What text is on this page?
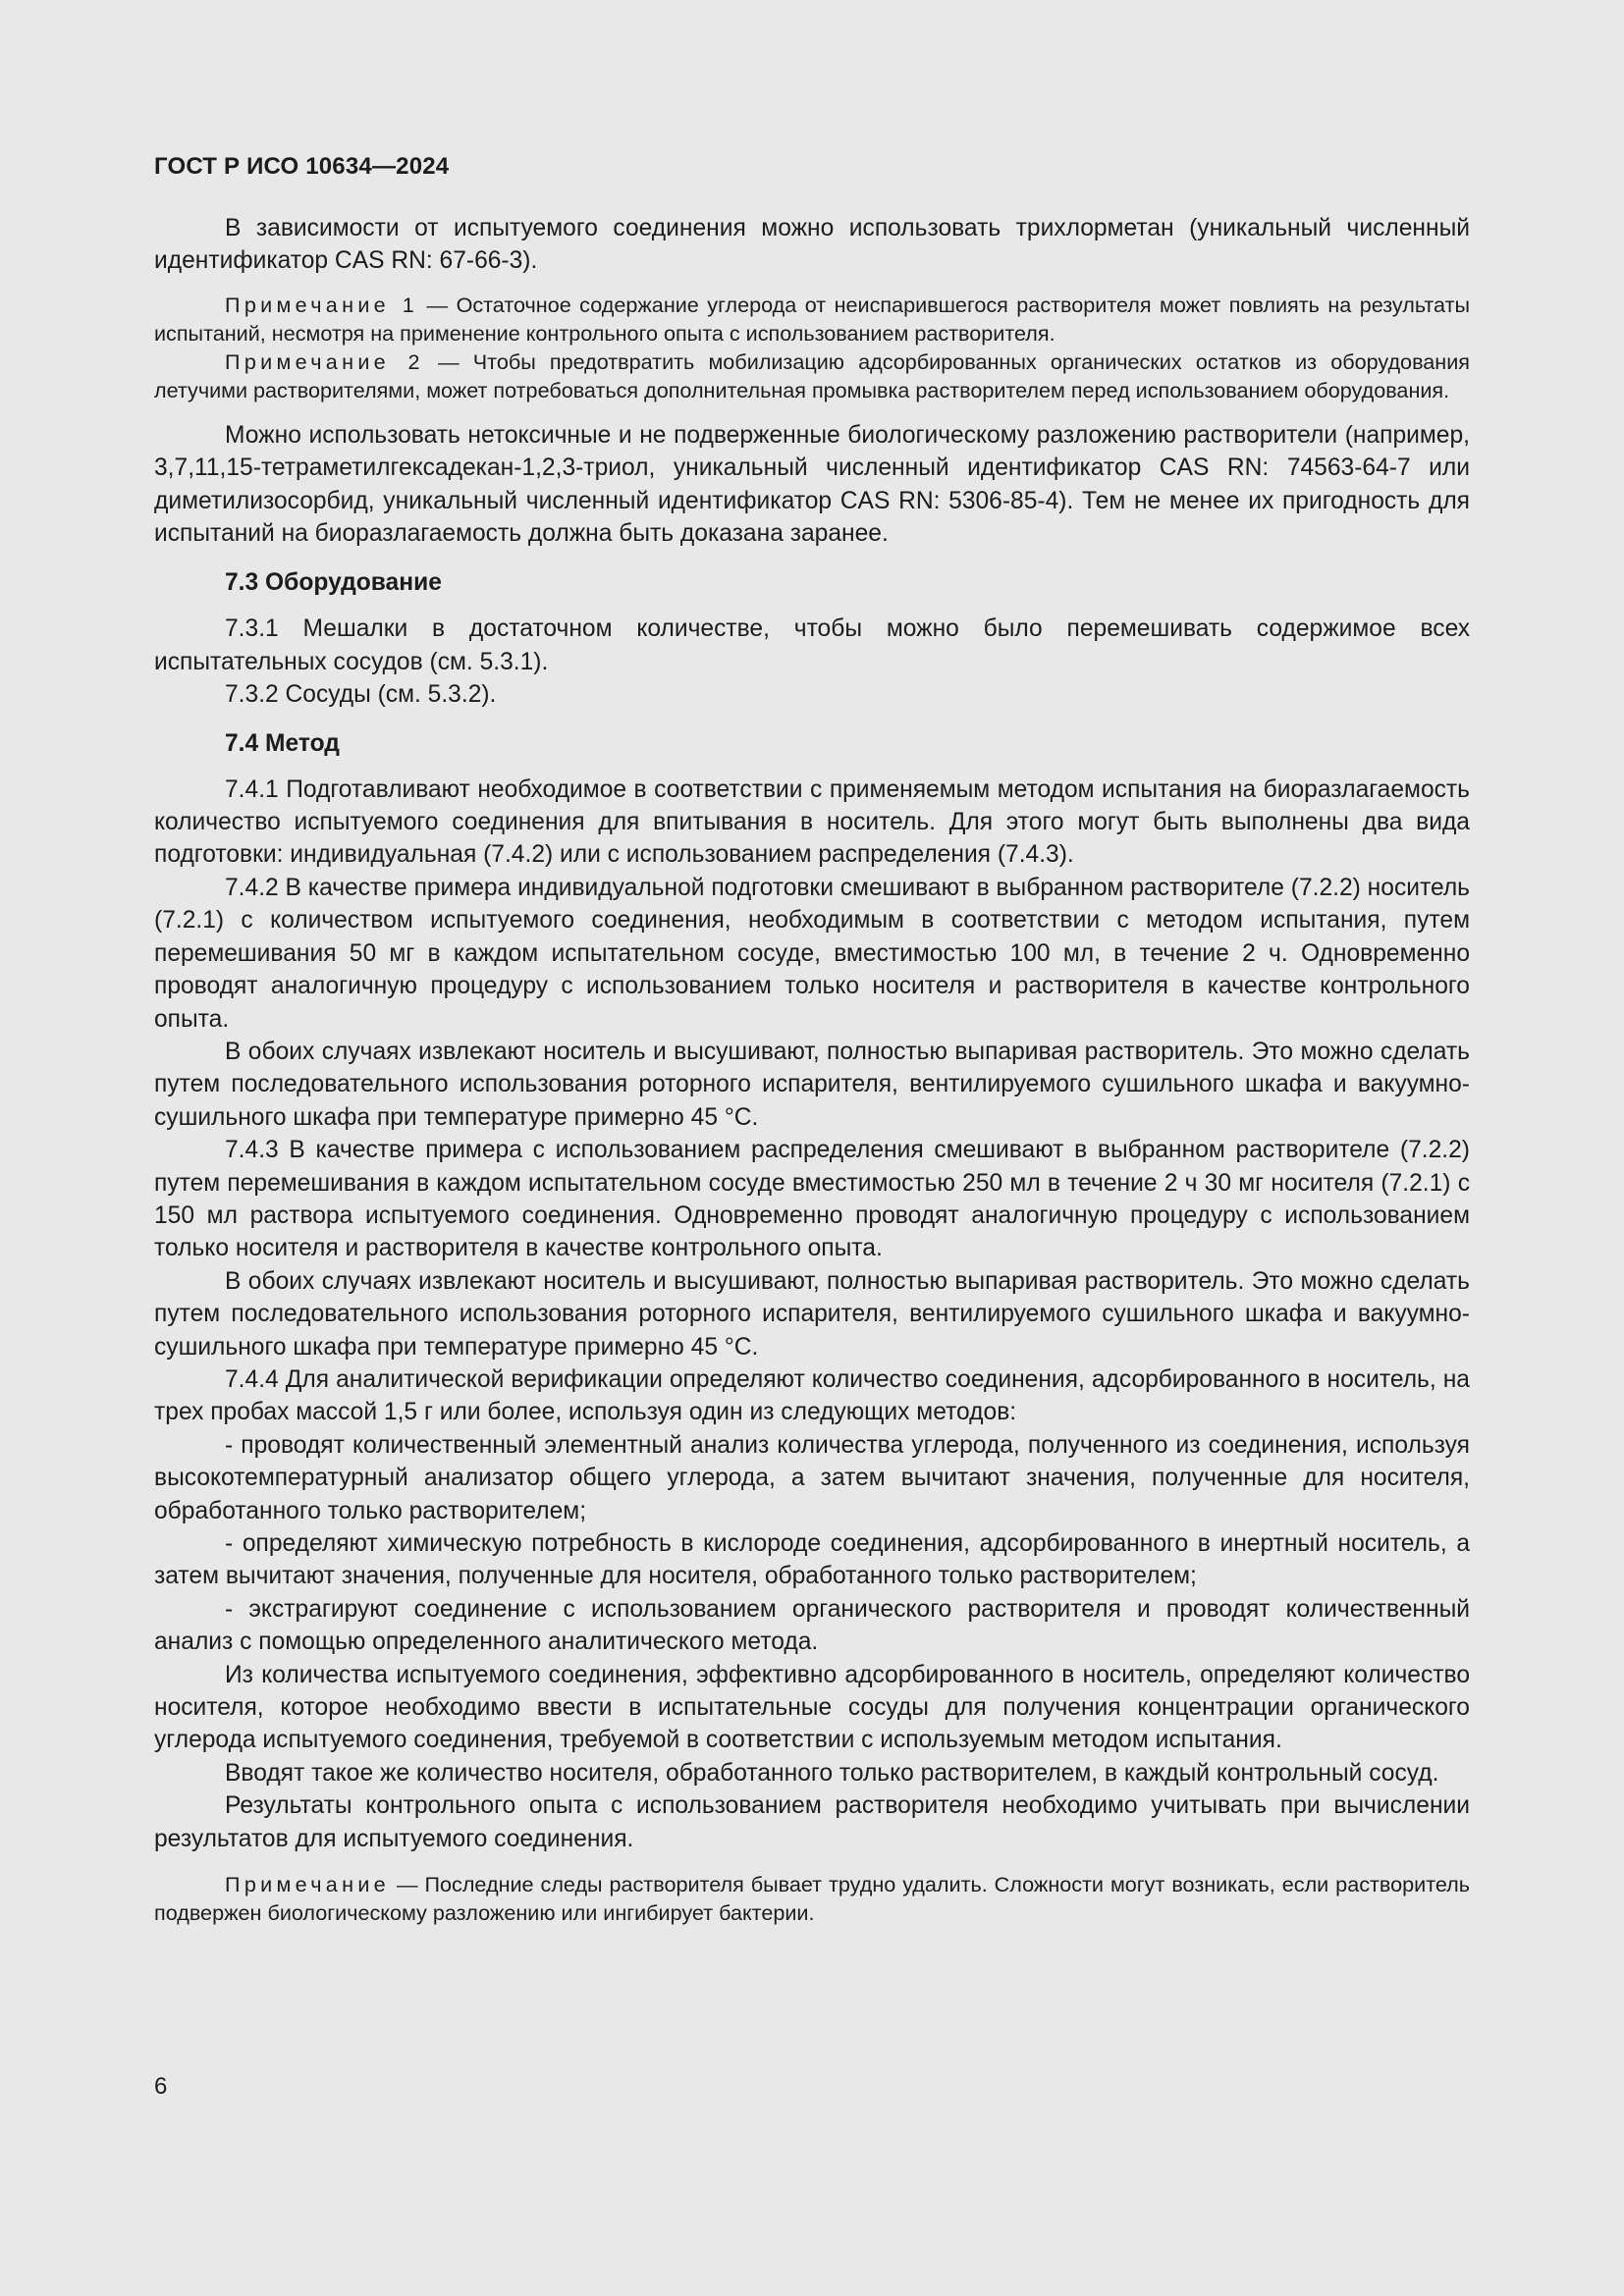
ГОСТ Р ИСО 10634—2024

В зависимости от испытуемого соединения можно использовать трихлорметан (уникальный численный идентификатор CAS RN: 67-66-3).

Примечание 1 — Остаточное содержание углерода от неиспарившегося растворителя может повлиять на результаты испытаний, несмотря на применение контрольного опыта с использованием растворителя.

Примечание 2 — Чтобы предотвратить мобилизацию адсорбированных органических остатков из оборудования летучими растворителями, может потребоваться дополнительная промывка растворителем перед использованием оборудования.

Можно использовать нетоксичные и не подверженные биологическому разложению растворители (например, 3,7,11,15-тетраметилгексадекан-1,2,3-триол, уникальный численный идентификатор CAS RN: 74563-64-7 или диметилизосорбид, уникальный численный идентификатор CAS RN: 5306-85-4). Тем не менее их пригодность для испытаний на биоразлагаемость должна быть доказана заранее.

7.3 Оборудование

7.3.1 Мешалки в достаточном количестве, чтобы можно было перемешивать содержимое всех испытательных сосудов (см. 5.3.1).

7.3.2 Сосуды (см. 5.3.2).

7.4 Метод

7.4.1 Подготавливают необходимое в соответствии с применяемым методом испытания на биоразлагаемость количество испытуемого соединения для впитывания в носитель. Для этого могут быть выполнены два вида подготовки: индивидуальная (7.4.2) или с использованием распределения (7.4.3).

7.4.2 В качестве примера индивидуальной подготовки смешивают в выбранном растворителе (7.2.2) носитель (7.2.1) с количеством испытуемого соединения, необходимым в соответствии с методом испытания, путем перемешивания 50 мг в каждом испытательном сосуде, вместимостью 100 мл, в течение 2 ч. Одновременно проводят аналогичную процедуру с использованием только носителя и растворителя в качестве контрольного опыта.

В обоих случаях извлекают носитель и высушивают, полностью выпаривая растворитель. Это можно сделать путем последовательного использования роторного испарителя, вентилируемого сушильного шкафа и вакуумно-сушильного шкафа при температуре примерно 45 °C.

7.4.3 В качестве примера с использованием распределения смешивают в выбранном растворителе (7.2.2) путем перемешивания в каждом испытательном сосуде вместимостью 250 мл в течение 2 ч 30 мг носителя (7.2.1) с 150 мл раствора испытуемого соединения. Одновременно проводят аналогичную процедуру с использованием только носителя и растворителя в качестве контрольного опыта.

В обоих случаях извлекают носитель и высушивают, полностью выпаривая растворитель. Это можно сделать путем последовательного использования роторного испарителя, вентилируемого сушильного шкафа и вакуумно-сушильного шкафа при температуре примерно 45 °C.

7.4.4 Для аналитической верификации определяют количество соединения, адсорбированного в носитель, на трех пробах массой 1,5 г или более, используя один из следующих методов:

- проводят количественный элементный анализ количества углерода, полученного из соединения, используя высокотемпературный анализатор общего углерода, а затем вычитают значения, полученные для носителя, обработанного только растворителем;

- определяют химическую потребность в кислороде соединения, адсорбированного в инертный носитель, а затем вычитают значения, полученные для носителя, обработанного только растворителем;

- экстрагируют соединение с использованием органического растворителя и проводят количественный анализ с помощью определенного аналитического метода.

Из количества испытуемого соединения, эффективно адсорбированного в носитель, определяют количество носителя, которое необходимо ввести в испытательные сосуды для получения концентрации органического углерода испытуемого соединения, требуемой в соответствии с используемым методом испытания.

Вводят такое же количество носителя, обработанного только растворителем, в каждый контрольный сосуд.

Результаты контрольного опыта с использованием растворителя необходимо учитывать при вычислении результатов для испытуемого соединения.

Примечание — Последние следы растворителя бывает трудно удалить. Сложности могут возникать, если растворитель подвержен биологическому разложению или ингибирует бактерии.

6
